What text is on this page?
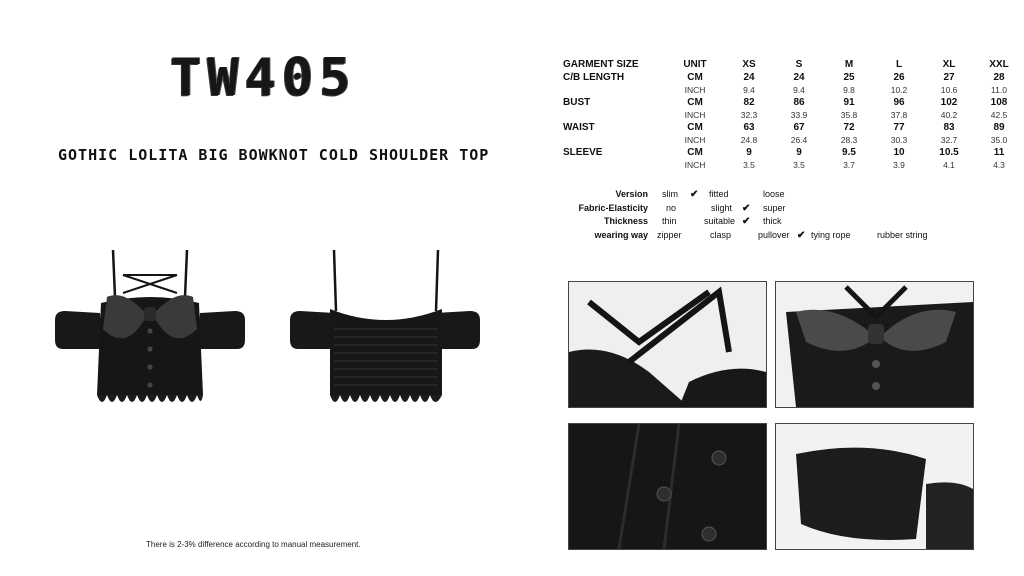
TW405
GOTHIC LOLITA BIG BOWKNOT COLD SHOULDER TOP
GARMENT SIZE	UNIT	XS	S	M	L	XL	XXL
C/B LENGTH	CM	24	24	25	26	27	28
	INCH	9.4	9.4	9.8	10.2	10.6	11.0
BUST	CM	82	86	91	96	102	108
	INCH	32.3	33.9	35.8	37.8	40.2	42.5
WAIST	CM	63	67	72	77	83	89
	INCH	24.8	26.4	28.3	30.3	32.7	35.0
SLEEVE	CM	9	9	9.5	10	10.5	11
	INCH	3.5	3.5	3.7	3.9	4.1	4.3
Version slim ✔ fitted	loose
Fabric-Elasticity no	slight ✔ super
Thickness thin	suitable ✔ thick
wearing way zipper	clasp	pullover ✔ tying rope	rubber string
There is 2-3% difference according to manual measurement.
